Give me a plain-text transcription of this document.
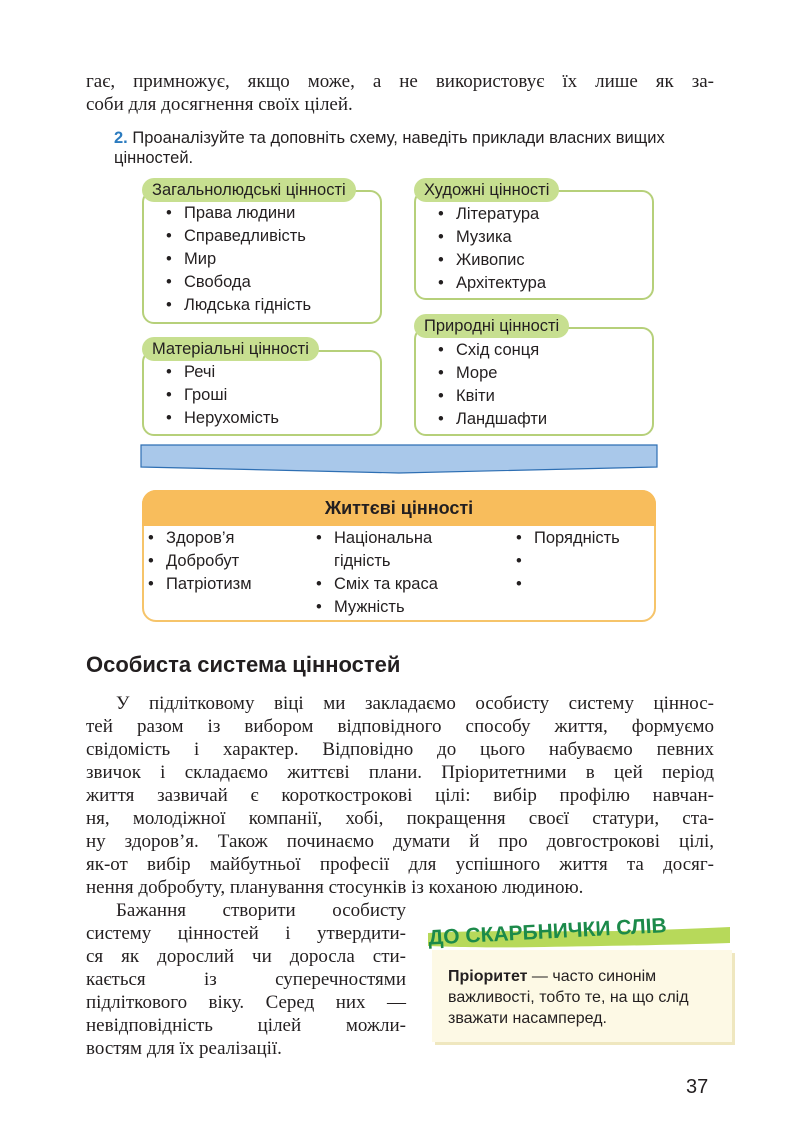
гає, примножує, якщо може, а не використовує їх лише як за-

соби для досягнення своїх цілей.

2. Проаналізуйте та доповніть схему, наведіть приклади власних вищих цінностей.
Загальнолюдські цінності
• Права людини
• Справедливість
• Мир
• Свобода
• Людська гідність
Художні цінності
• Література
• Музика
• Живопис
• Архітектура
Матеріальні цінності
• Речі
• Гроші
• Нерухомість
Природні цінності
• Схід сонця
• Море
• Квіти
• Ландшафти
Життєві цінності
• Здоров’я
• Добробут
• Патріотизм
• Національна
гідність
• Сміх та краса
• Мужність
• Порядність
•
•
Особиста система цінностей

У підлітковому віці ми закладаємо особисту систему ціннос-

тей разом із вибором відповідного способу життя, формуємо

свідомість і характер. Відповідно до цього набуваємо певних

звичок і складаємо життєві плани. Пріоритетними в цей період

життя зазвичай є короткострокові цілі: вибір профілю навчан-

ня, молодіжної компанії, хобі, покращення своєї статури, ста-

ну здоров’я. Також починаємо думати й про довгострокові цілі,

як-от вибір майбутньої професії для успішного життя та досяг-

нення добробуту, планування стосунків із коханою людиною.

Бажання створити особисту

систему цінностей і утвердити-

ся як дорослий чи доросла сти-

кається із суперечностями

підліткового віку. Серед них —

невідповідність цілей можли-

востям для їх реалізації.

ДО СКАРБНИЧКИ СЛІВ

Пріоритет — часто синонім важливості, тобто те, на що слід зважати насамперед.

37
